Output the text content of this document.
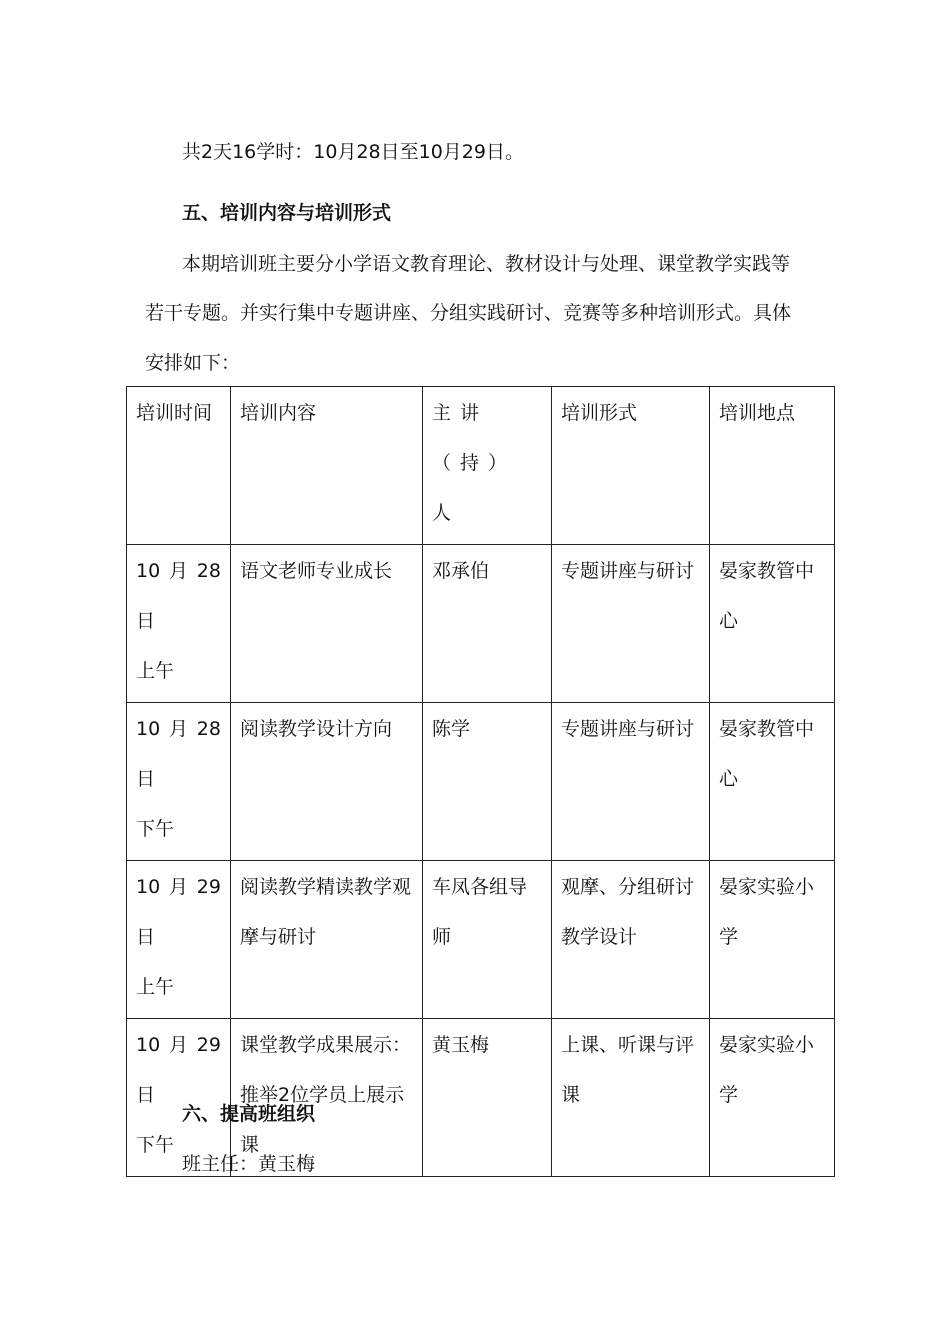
共2天16学时：10月28日至10月29日。
五、培训内容与培训形式
本期培训班主要分小学语文教育理论、教材设计与处理、课堂教学实践等
若干专题。并实行集中专题讲座、分组实践研讨、竞赛等多种培训形式。具体
安排如下：
培训时间	培训内容	主讲（持）人	培训形式	培训地点

10 月 28
日
上午	语文老师专业成长	邓承伯	专题讲座与研讨	晏家教管中心

10 月 28
日
下午	阅读教学设计方向	陈学	专题讲座与研讨	晏家教管中心

10 月 29
日
上午	阅读教学精读教学观摩与研讨	车凤各组导师	观摩、分组研讨教学设计	晏家实验小学

10 月 29
日
下午	课堂教学成果展示：推举2位学员上展示课	黄玉梅	上课、听课与评课	晏家实验小学
六、提高班组织
班主任：黄玉梅
